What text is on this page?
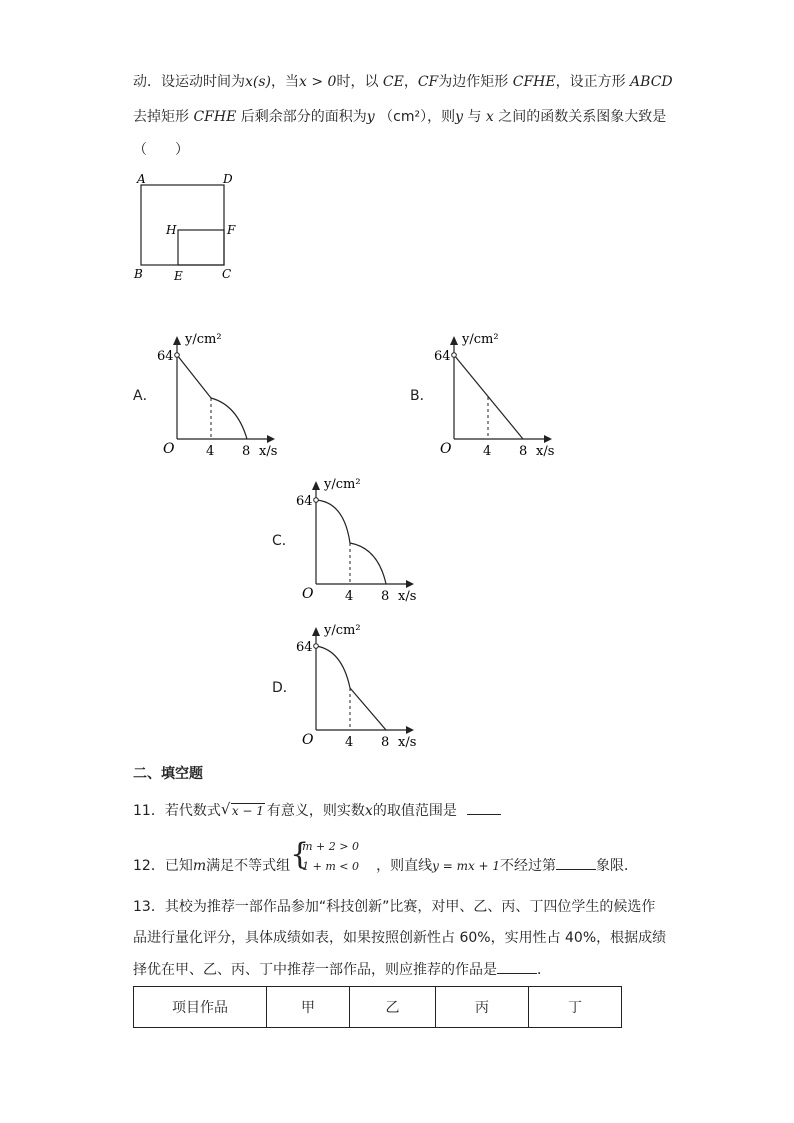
动．设运动时间为x(s)，当x > 0时，以 CE，CF为边作矩形 CFHE，设正方形 ABCD
去掉矩形 CFHE 后剩余部分的面积为y （cm²），则y 与 x 之间的函数关系图象大致是
（　　）
A	D
H	F
B	E	C
A．
y/cm²
64
O 4 8 x/s
B．
y/cm²
64
O 4 8 x/s
C．
y/cm²
64
O 4 8 x/s
D．
y/cm²
64
O 4 8 x/s
二、填空题
11．若代数式 √ x − 1 有意义，则实数x的取值范围是
12．已知m满足不等式组 {
m + 2 > 0
1 + m < 0 ，则直线y = mx + 1不经过第	象限．
13．其校为推荐一部作品参加“科技创新”比赛，对甲、乙、丙、丁四位学生的候选作
品进行量化评分，具体成绩如表，如果按照创新性占 60%，实用性占 40%，根据成绩
择优在甲、乙、丙、丁中推荐一部作品，则应推荐的作品是	．
项目作品	甲	乙	丙	丁
